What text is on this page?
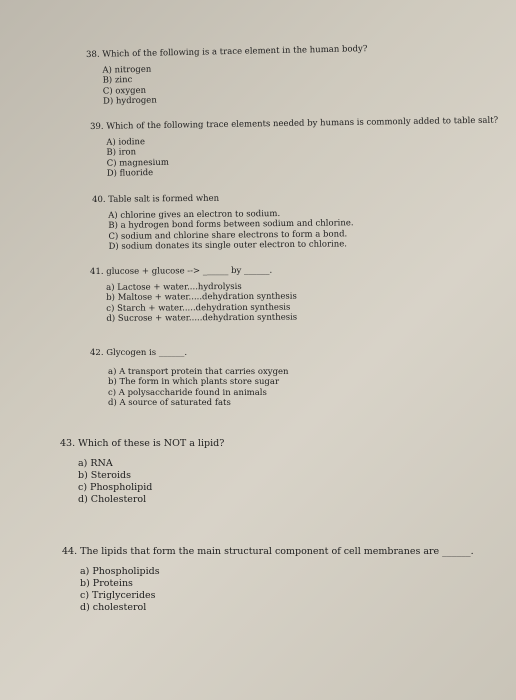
38. Which of the following is a trace element in the human body?
A) nitrogen
B) zinc
C) oxygen
D) hydrogen
39. Which of the following trace elements needed by humans is commonly added to table salt?
A) iodine
B) iron
C) magnesium
D) fluoride
40. Table salt is formed when
A) chlorine gives an electron to sodium.
B) a hydrogen bond forms between sodium and chlorine.
C) sodium and chlorine share electrons to form a bond.
D) sodium donates its single outer electron to chlorine.
41. glucose + glucose --> ______ by ______.
a) Lactose + water....hydrolysis
b) Maltose + water.....dehydration synthesis
c) Starch + water.....dehydration synthesis
d) Sucrose + water.....dehydration synthesis
42. Glycogen is ______.
a) A transport protein that carries oxygen
b) The form in which plants store sugar
c) A polysaccharide found in animals
d) A source of saturated fats
43. Which of these is NOT a lipid?
a) RNA
b) Steroids
c) Phospholipid
d) Cholesterol
44. The lipids that form the main structural component of cell membranes are ______.
a) Phospholipids
b) Proteins
c) Triglycerides
d) cholesterol
